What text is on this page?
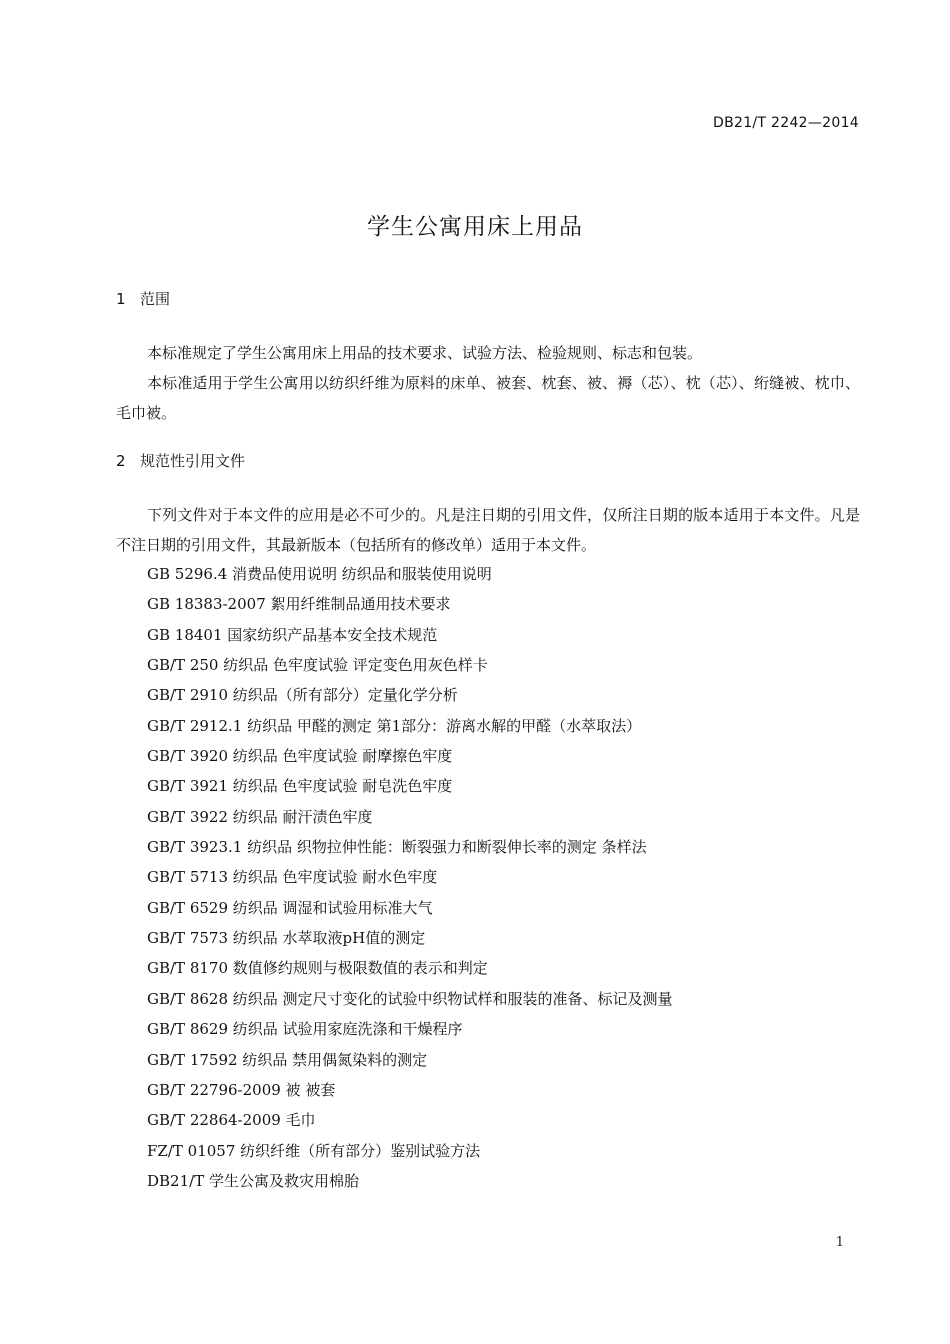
DB21/T 2242—2014
学生公寓用床上用品
1 范围
本标准规定了学生公寓用床上用品的技术要求、试验方法、检验规则、标志和包装。
本标准适用于学生公寓用以纺织纤维为原料的床单、被套、枕套、被、褥（芯）、枕（芯）、绗缝被、枕巾、毛巾被。
2 规范性引用文件
下列文件对于本文件的应用是必不可少的。凡是注日期的引用文件，仅所注日期的版本适用于本文件。凡是不注日期的引用文件，其最新版本（包括所有的修改单）适用于本文件。
GB 5296.4 消费品使用说明 纺织品和服装使用说明
GB 18383-2007 絮用纤维制品通用技术要求
GB 18401 国家纺织产品基本安全技术规范
GB/T 250 纺织品 色牢度试验 评定变色用灰色样卡
GB/T 2910 纺织品（所有部分）定量化学分析
GB/T 2912.1 纺织品 甲醛的测定 第1部分：游离水解的甲醛（水萃取法）
GB/T 3920 纺织品 色牢度试验 耐摩擦色牢度
GB/T 3921 纺织品 色牢度试验 耐皂洗色牢度
GB/T 3922 纺织品 耐汗渍色牢度
GB/T 3923.1 纺织品 织物拉伸性能：断裂强力和断裂伸长率的测定 条样法
GB/T 5713 纺织品 色牢度试验 耐水色牢度
GB/T 6529 纺织品 调湿和试验用标准大气
GB/T 7573 纺织品 水萃取液pH值的测定
GB/T 8170 数值修约规则与极限数值的表示和判定
GB/T 8628 纺织品 测定尺寸变化的试验中织物试样和服装的准备、标记及测量
GB/T 8629 纺织品 试验用家庭洗涤和干燥程序
GB/T 17592 纺织品 禁用偶氮染料的测定
GB/T 22796-2009 被 被套
GB/T 22864-2009 毛巾
FZ/T 01057 纺织纤维（所有部分）鉴别试验方法
DB21/T 学生公寓及救灾用棉胎
1
